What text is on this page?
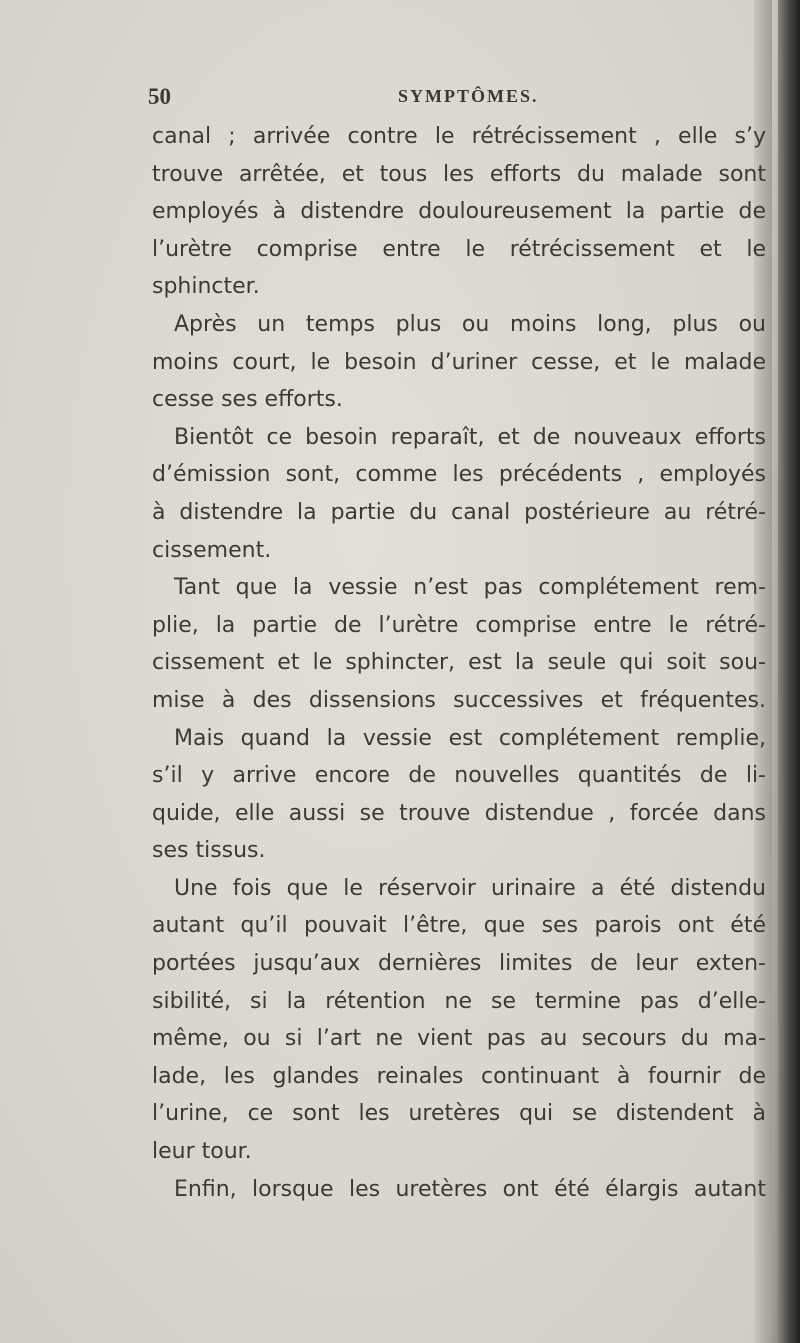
50	SYMPTÔMES.
canal ; arrivée contre le rétrécissement , elle s’y
trouve arrêtée, et tous les efforts du malade sont
employés à distendre douloureusement la partie de
l’urètre comprise entre le rétrécissement et le
sphincter.
Après un temps plus ou moins long, plus ou
moins court, le besoin d’uriner cesse, et le malade
cesse ses efforts.
Bientôt ce besoin reparaît, et de nouveaux efforts
d’émission sont, comme les précédents , employés
à distendre la partie du canal postérieure au rétré-
cissement.
Tant que la vessie n’est pas complétement rem-
plie, la partie de l’urètre comprise entre le rétré-
cissement et le sphincter, est la seule qui soit sou-
mise à des dissensions successives et fréquentes.
Mais quand la vessie est complétement remplie,
s’il y arrive encore de nouvelles quantités de li-
quide, elle aussi se trouve distendue , forcée dans
ses tissus.
Une fois que le réservoir urinaire a été distendu
autant qu’il pouvait l’être, que ses parois ont été
portées jusqu’aux dernières limites de leur exten-
sibilité, si la rétention ne se termine pas d’elle-
même, ou si l’art ne vient pas au secours du ma-
lade, les glandes reinales continuant à fournir de
l’urine, ce sont les uretères qui se distendent à
leur tour.
Enfin, lorsque les uretères ont été élargis autant
